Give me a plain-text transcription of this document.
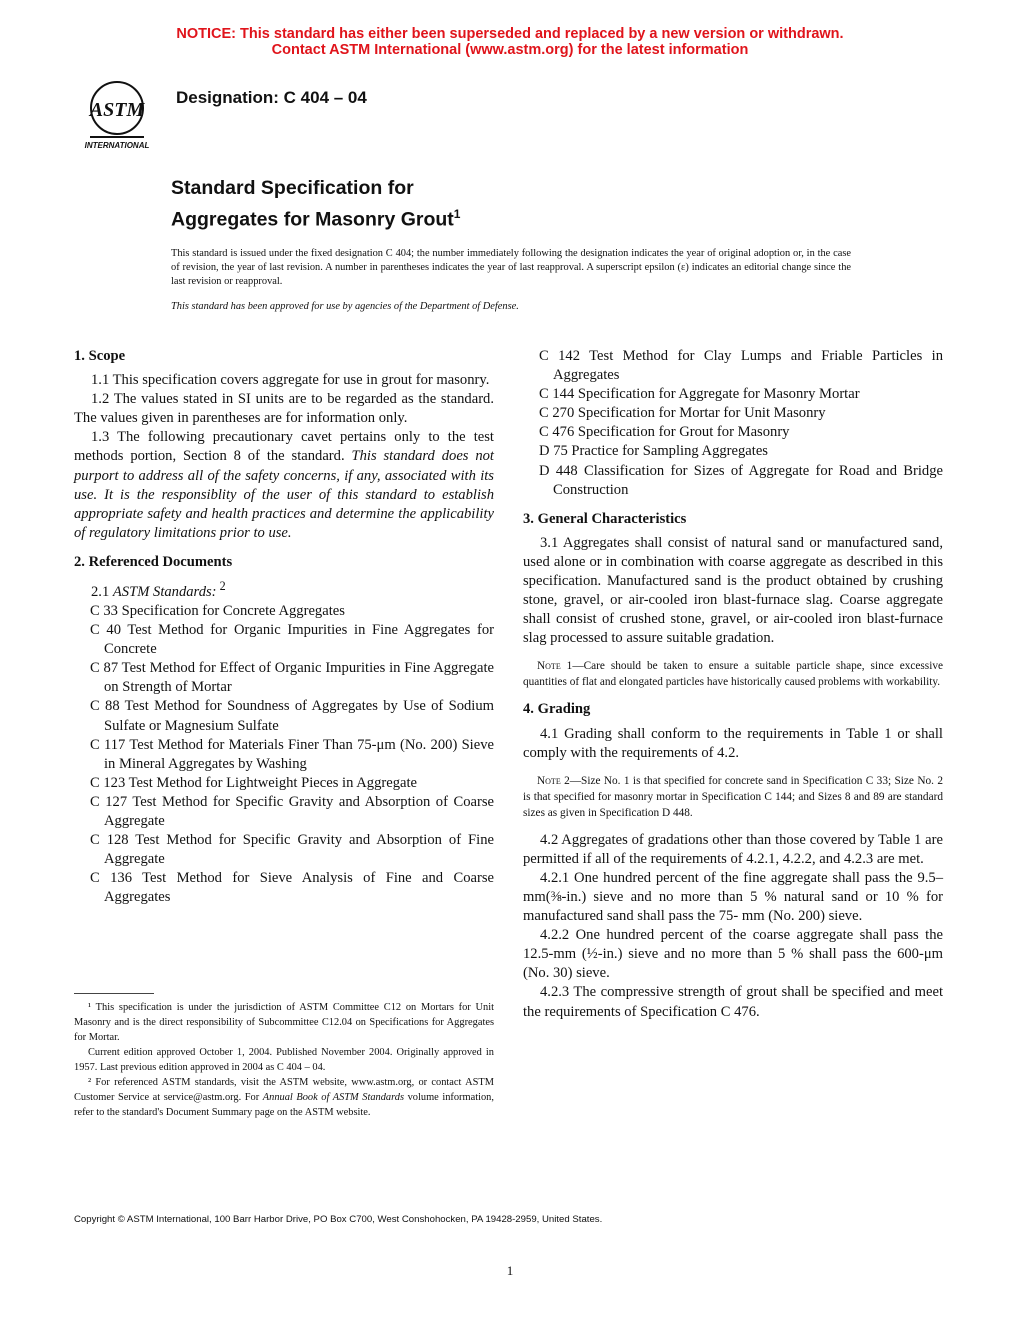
NOTICE: This standard has either been superseded and replaced by a new version or withdrawn.
Contact ASTM International (www.astm.org) for the latest information
ASTM
INTERNATIONAL
Designation: C 404 – 04
Standard Specification for
Aggregates for Masonry Grout$^1$
This standard is issued under the fixed designation C 404; the number immediately following the designation indicates the year of original adoption or, in the case of revision, the year of last revision. A number in parentheses indicates the year of last reapproval. A superscript epsilon (ε) indicates an editorial change since the last revision or reapproval.
This standard has been approved for use by agencies of the Department of Defense.
1. Scope

1.1 This specification covers aggregate for use in grout for masonry.

1.2 The values stated in SI units are to be regarded as the standard. The values given in parentheses are for information only.

1.3 The following precautionary cavet pertains only to the test methods portion, Section 8 of the standard. This standard does not purport to address all of the safety concerns, if any, associated with its use. It is the responsiblity of the user of this standard to establish appropriate safety and health practices and determine the applicability of regulatory limitations prior to use.

2. Referenced Documents

2.1 ASTM Standards: $^2$

C 33 Specification for Concrete Aggregates

C 40 Test Method for Organic Impurities in Fine Aggregates for Concrete

C 87 Test Method for Effect of Organic Impurities in Fine Aggregate on Strength of Mortar

C 88 Test Method for Soundness of Aggregates by Use of Sodium Sulfate or Magnesium Sulfate

C 117 Test Method for Materials Finer Than 75-μm (No. 200) Sieve in Mineral Aggregates by Washing

C 123 Test Method for Lightweight Pieces in Aggregate

C 127 Test Method for Specific Gravity and Absorption of Coarse Aggregate

C 128 Test Method for Specific Gravity and Absorption of Fine Aggregate

C 136 Test Method for Sieve Analysis of Fine and Coarse Aggregates

C 142 Test Method for Clay Lumps and Friable Particles in Aggregates

C 144 Specification for Aggregate for Masonry Mortar

C 270 Specification for Mortar for Unit Masonry

C 476 Specification for Grout for Masonry

D 75 Practice for Sampling Aggregates

D 448 Classification for Sizes of Aggregate for Road and Bridge Construction

3. General Characteristics

3.1 Aggregates shall consist of natural sand or manufactured sand, used alone or in combination with coarse aggregate as described in this specification. Manufactured sand is the product obtained by crushing stone, gravel, or air-cooled iron blast-furnace slag. Coarse aggregate shall consist of crushed stone, gravel, or air-cooled iron blast-furnace slag processed to assure suitable gradation.

Note 1—Care should be taken to ensure a suitable particle shape, since excessive quantities of flat and elongated particles have historically caused problems with workability.

4. Grading

4.1 Grading shall conform to the requirements in Table 1 or shall comply with the requirements of 4.2.

Note 2—Size No. 1 is that specified for concrete sand in Specification C 33; Size No. 2 is that specified for masonry mortar in Specification C 144; and Sizes 8 and 89 are standard sizes as given in Specification D 448.

4.2 Aggregates of gradations other than those covered by Table 1 are permitted if all of the requirements of 4.2.1, 4.2.2, and 4.2.3 are met.

4.2.1 One hundred percent of the fine aggregate shall pass the 9.5–mm(⅜-in.) sieve and no more than 5 % natural sand or 10 % for manufactured sand shall pass the 75- mm (No. 200) sieve.

4.2.2 One hundred percent of the coarse aggregate shall pass the 12.5-mm (½-in.) sieve and no more than 5 % shall pass the 600-μm (No. 30) sieve.

4.2.3 The compressive strength of grout shall be specified and meet the requirements of Specification C 476.

¹ This specification is under the jurisdiction of ASTM Committee C12 on Mortars for Unit Masonry and is the direct responsibility of Subcommittee C12.04 on Specifications for Aggregates for Mortar.

Current edition approved October 1, 2004. Published November 2004. Originally approved in 1957. Last previous edition approved in 2004 as C 404 – 04.

² For referenced ASTM standards, visit the ASTM website, www.astm.org, or contact ASTM Customer Service at service@astm.org. For Annual Book of ASTM Standards volume information, refer to the standard's Document Summary page on the ASTM website.

Copyright © ASTM International, 100 Barr Harbor Drive, PO Box C700, West Conshohocken, PA 19428-2959, United States.
1
